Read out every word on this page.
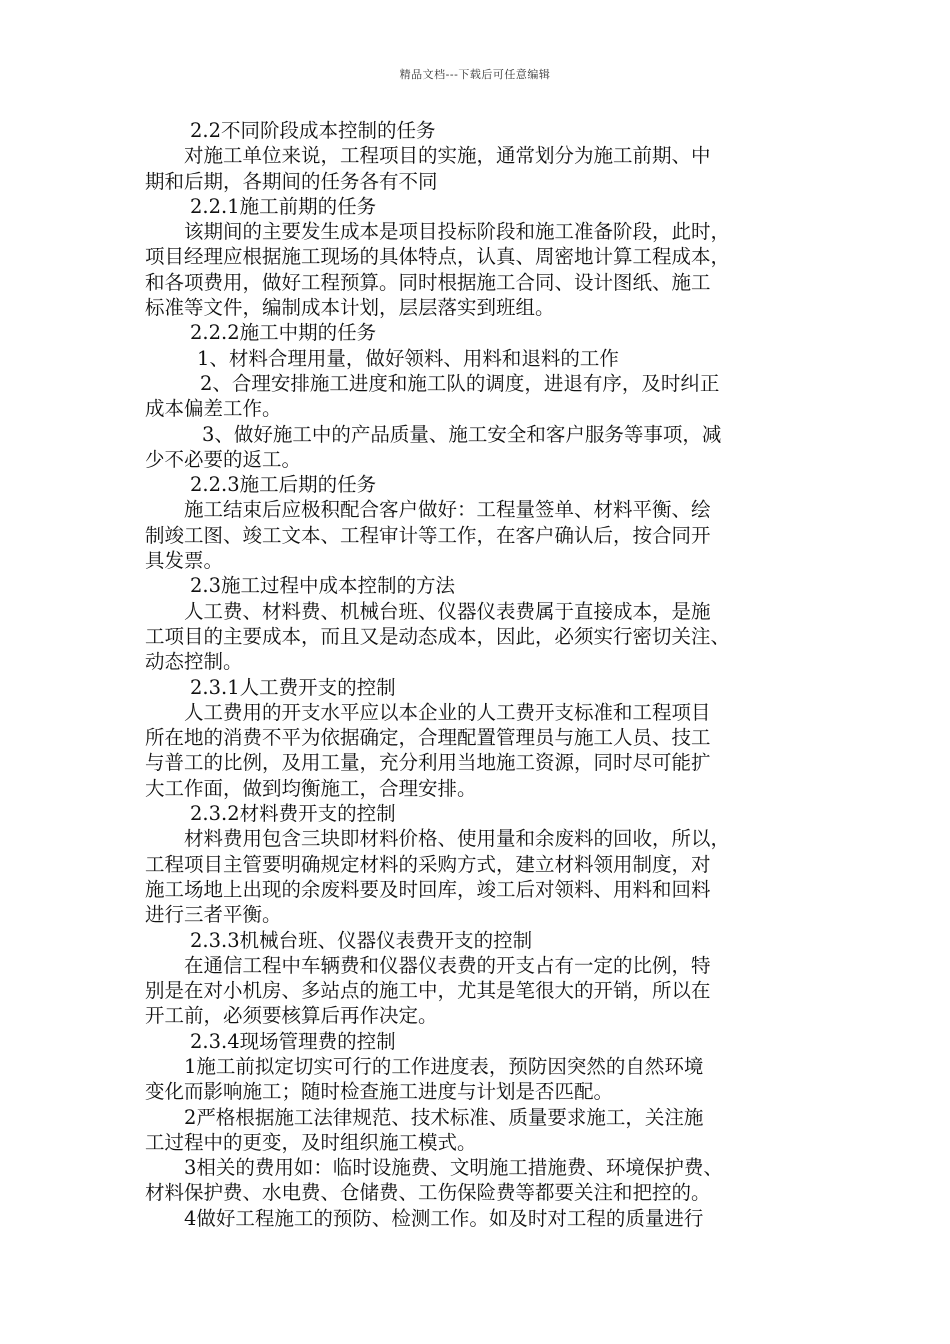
精品文档---下载后可任意编辑
2.2不同阶段成本控制的任务
对施工单位来说，工程项目的实施，通常划分为施工前期、中
期和后期，各期间的任务各有不同
2.2.1施工前期的任务
该期间的主要发生成本是项目投标阶段和施工准备阶段，此时，
项目经理应根据施工现场的具体特点，认真、周密地计算工程成本，
和各项费用，做好工程预算。同时根据施工合同、设计图纸、施工
标准等文件，编制成本计划，层层落实到班组。
2.2.2施工中期的任务
1、材料合理用量，做好领料、用料和退料的工作
2、合理安排施工进度和施工队的调度，进退有序，及时纠正
成本偏差工作。
3、做好施工中的产品质量、施工安全和客户服务等事项，减
少不必要的返工。
2.2.3施工后期的任务
施工结束后应极积配合客户做好：工程量签单、材料平衡、绘
制竣工图、竣工文本、工程审计等工作，在客户确认后，按合同开
具发票。
2.3施工过程中成本控制的方法
人工费、材料费、机械台班、仪器仪表费属于直接成本，是施
工项目的主要成本，而且又是动态成本，因此，必须实行密切关注、
动态控制。
2.3.1人工费开支的控制
人工费用的开支水平应以本企业的人工费开支标准和工程项目
所在地的消费不平为依据确定，合理配置管理员与施工人员、技工
与普工的比例，及用工量，充分利用当地施工资源，同时尽可能扩
大工作面，做到均衡施工，合理安排。
2.3.2材料费开支的控制
材料费用包含三块即材料价格、使用量和余废料的回收，所以，
工程项目主管要明确规定材料的采购方式，建立材料领用制度，对
施工场地上出现的余废料要及时回库，竣工后对领料、用料和回料
进行三者平衡。
2.3.3机械台班、仪器仪表费开支的控制
在通信工程中车辆费和仪器仪表费的开支占有一定的比例，特
别是在对小机房、多站点的施工中，尤其是笔很大的开销，所以在
开工前，必须要核算后再作决定。
2.3.4现场管理费的控制
1施工前拟定切实可行的工作进度表，预防因突然的自然环境
变化而影响施工；随时检查施工进度与计划是否匹配。
2严格根据施工法律规范、技术标准、质量要求施工，关注施
工过程中的更变，及时组织施工模式。
3相关的费用如：临时设施费、文明施工措施费、环境保护费、
材料保护费、水电费、仓储费、工伤保险费等都要关注和把控的。
4做好工程施工的预防、检测工作。如及时对工程的质量进行
